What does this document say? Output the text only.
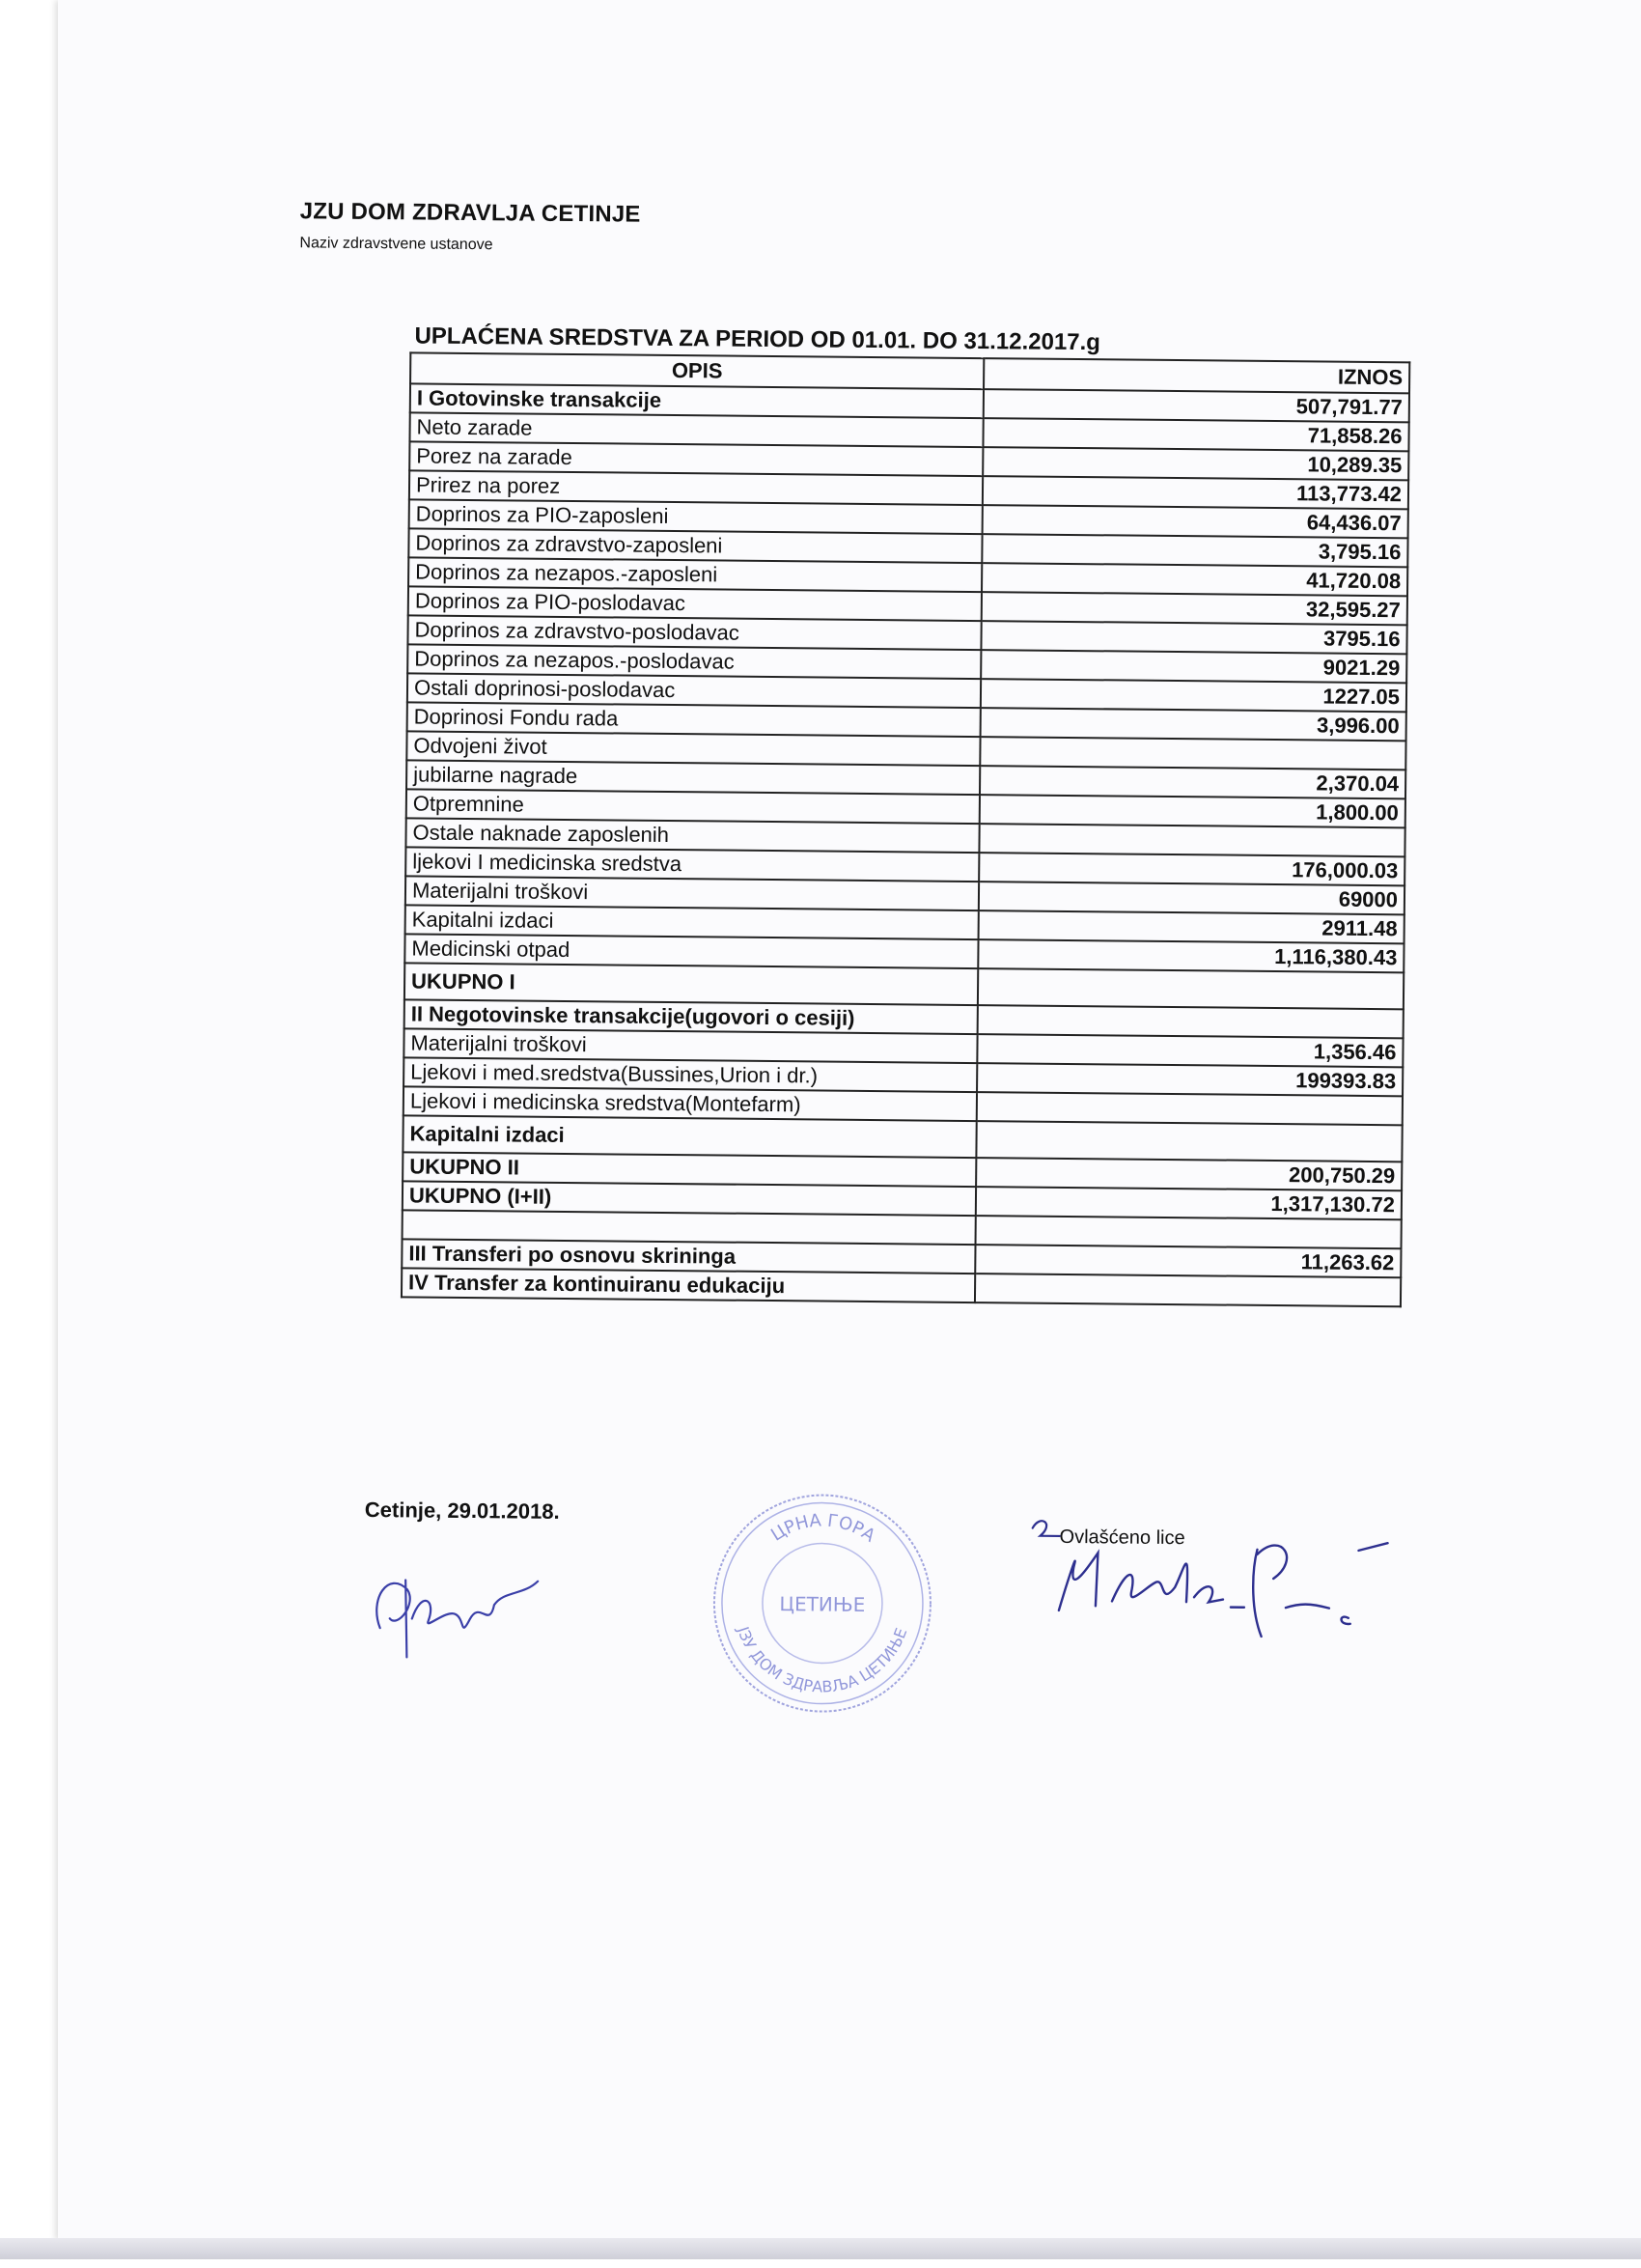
JZU DOM ZDRAVLJA CETINJE
Naziv zdravstvene ustanove
UPLAĆENA SREDSTVA ZA PERIOD OD 01.01. DO 31.12.2017.g
OPIS	IZNOS
I Gotovinske transakcije	507,791.77
Neto zarade	71,858.26
Porez na zarade	10,289.35
Prirez na porez	113,773.42
Doprinos za PIO-zaposleni	64,436.07
Doprinos za zdravstvo-zaposleni	3,795.16
Doprinos za nezapos.-zaposleni	41,720.08
Doprinos za PIO-poslodavac	32,595.27
Doprinos za zdravstvo-poslodavac	3795.16
Doprinos za nezapos.-poslodavac	9021.29
Ostali doprinosi-poslodavac	1227.05
Doprinosi Fondu rada	3,996.00
Odvojeni život	
jubilarne nagrade	2,370.04
Otpremnine	1,800.00
Ostale naknade zaposlenih	
ljekovi I medicinska sredstva	176,000.03
Materijalni troškovi	69000
Kapitalni izdaci	2911.48
Medicinski otpad	1,116,380.43
UKUPNO I	
II Negotovinske transakcije(ugovori o cesiji)	
Materijalni troškovi	1,356.46
Ljekovi i med.sredstva(Bussines,Urion i dr.)	199393.83
Ljekovi i medicinska sredstva(Montefarm)	
Kapitalni izdaci	
UKUPNO II	200,750.29
UKUPNO (I+II)	1,317,130.72

III Transferi po osnovu skrininga	11,263.62
IV Transfer za kontinuiranu edukaciju	
Cetinje, 29.01.2018.
Ovlašćeno lice
ЦРНА ГОРА
ЈЗУ ДОМ ЗДРАВЉА ЦЕТИЊЕ
ЦЕТИЊЕ
